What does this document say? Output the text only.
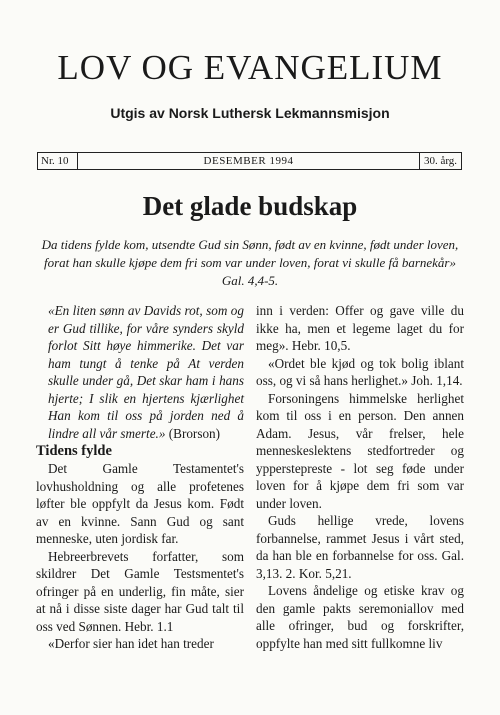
LOV OG EVANGELIUM
Utgis av Norsk Luthersk Lekmannsmisjon
Nr. 10	DESEMBER 1994	30. årg.
Det glade budskap
Da tidens fylde kom, utsendte Gud sin Sønn, født av en kvinne, født under loven, forat han skulle kjøpe dem fri som var under loven, forat vi skulle få barnekår» Gal. 4,4-5.

«En liten sønn av Davids rot, som og er Gud tillike, for våre synders skyld forlot Sitt høye himmerike. Det var ham tungt å tenke på At verden skulle under gå, Det skar ham i hans hjerte; I slik en hjertens kjærlighet Han kom til oss på jorden ned å lindre all vår smerte.» (Brorson)

Tidens fylde

Det Gamle Testamentet's lovhusholdning og alle profetenes løfter ble oppfylt da Jesus kom. Født av en kvinne. Sann Gud og sant menneske, uten jordisk far.

Hebreerbrevets forfatter, som skildrer Det Gamle Testsmentet's ofringer på en underlig, fin måte, sier at nå i disse siste dager har Gud talt til oss ved Sønnen. Hebr. 1.1

«Derfor sier han idet han treder

inn i verden: Offer og gave ville du ikke ha, men et legeme laget du for meg». Hebr. 10,5.

«Ordet ble kjød og tok bolig iblant oss, og vi så hans herlighet.» Joh. 1,14.

Forsoningens himmelske herlighet kom til oss i en person. Den annen Adam. Jesus, vår frelser, hele menneskeslektens stedfortreder og ypperstepreste - lot seg føde under loven for å kjøpe dem fri som var under loven.

Guds hellige vrede, lovens forbannelse, rammet Jesus i vårt sted, da han ble en forbannelse for oss. Gal. 3,13. 2. Kor. 5,21.

Lovens åndelige og etiske krav og den gamle pakts seremoniallov med alle ofringer, bud og forskrifter, oppfylte han med sitt fullkomne liv
